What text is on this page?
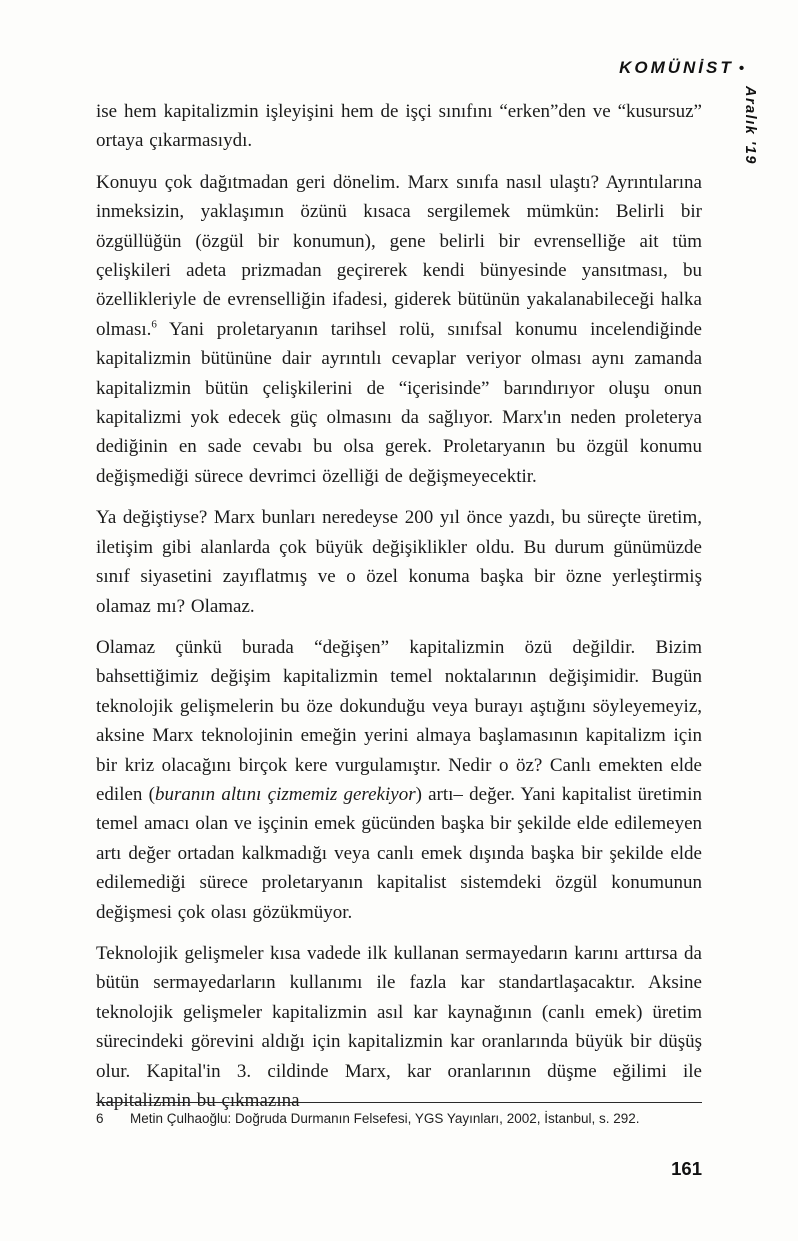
KOMÜNİST •
Aralık '19

ise hem kapitalizmin işleyişini hem de işçi sınıfını “erken”den ve “kusursuz” ortaya çıkarmasıydı.

Konuyu çok dağıtmadan geri dönelim. Marx sınıfa nasıl ulaştı? Ayrıntılarına inmeksizin, yaklaşımın özünü kısaca sergilemek mümkün: Belirli bir özgüllüğün (özgül bir konumun), gene belirli bir evrenselliğe ait tüm çelişkileri adeta prizmadan geçirerek kendi bünyesinde yansıtması, bu özellikleriyle de evrenselliğin ifadesi, giderek bütünün yakalanabileceği halka olması.$^6$ Yani proletaryanın tarihsel rolü, sınıfsal konumu incelendiğinde kapitalizmin bütününe dair ayrıntılı cevaplar veriyor olması aynı zamanda kapitalizmin bütün çelişkilerini de “içerisinde” barındırıyor oluşu onun kapitalizmi yok edecek güç olmasını da sağlıyor. Marx'ın neden proleterya dediğinin en sade cevabı bu olsa gerek. Proletaryanın bu özgül konumu değişmediği sürece devrimci özelliği de değişmeyecektir.

Ya değiştiyse? Marx bunları neredeyse 200 yıl önce yazdı, bu süreçte üretim, iletişim gibi alanlarda çok büyük değişiklikler oldu. Bu durum günümüzde sınıf siyasetini zayıflatmış ve o özel konuma başka bir özne yerleştirmiş olamaz mı? Olamaz.

Olamaz çünkü burada “değişen” kapitalizmin özü değildir. Bizim bahsettiğimiz değişim kapitalizmin temel noktalarının değişimidir. Bugün teknolojik gelişmelerin bu öze dokunduğu veya burayı aştığını söyleyemeyiz, aksine Marx teknolojinin emeğin yerini almaya başlamasının kapitalizm için bir kriz olacağını birçok kere vurgulamıştır. Nedir o öz? Canlı emekten elde edilen (buranın altını çizmemiz gerekiyor) artı– değer. Yani kapitalist üretimin temel amacı olan ve işçinin emek gücünden başka bir şekilde elde edilemeyen artı değer ortadan kalkmadığı veya canlı emek dışında başka bir şekilde elde edilemediği sürece proletaryanın kapitalist sistemdeki özgül konumunun değişmesi çok olası gözükmüyor.

Teknolojik gelişmeler kısa vadede ilk kullanan sermayedarın karını arttırsa da bütün sermayedarların kullanımı ile fazla kar standartlaşacaktır. Aksine teknolojik gelişmeler kapitalizmin asıl kar kaynağının (canlı emek) üretim sürecindeki görevini aldığı için kapitalizmin kar oranlarında büyük bir düşüş olur. Kapital'in 3. cildinde Marx, kar oranlarının düşme eğilimi ile kapitalizmin bu çıkmazına

6	Metin Çulhaoğlu: Doğruda Durmanın Felsefesi, YGS Yayınları, 2002, İstanbul, s. 292.
161
